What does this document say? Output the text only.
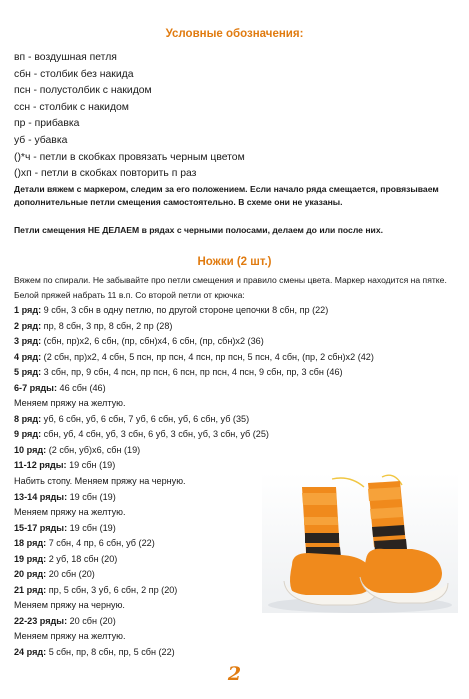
Условные обозначения:
вп - воздушная петля
сбн - столбик без накида
псн - полустолбик с накидом
ссн - столбик с накидом
пр - прибавка
уб - убавка
()*ч - петли в скобках провязать черным цветом
()хп - петли в скобках повторить п раз
Детали вяжем с маркером, следим за его положением. Если начало ряда смещается, провязываем дополнительные петли смещения самостоятельно. В схеме они не указаны.
Петли смещения НЕ ДЕЛАЕМ в рядах с черными полосами, делаем до или после них.
Ножки (2 шт.)

Вяжем по спирали. Не забывайте про петли смещения и правило смены цвета. Маркер находится на пятке.

Белой пряжей набрать 11 в.п. Со второй петли от крючка:
1 ряд: 9 сбн, 3 сбн в одну петлю, по другой стороне цепочки 8 сбн, пр (22)
2 ряд: пр, 8 сбн, 3 пр, 8 сбн, 2 пр (28)
3 ряд: (сбн, пр)х2, 6 сбн, (пр, сбн)х4, 6 сбн, (пр, сбн)х2 (36)
4 ряд: (2 сбн, пр)х2, 4 сбн, 5 псн, пр псн, 4 псн, пр псн, 5 псн, 4 сбн, (пр, 2 сбн)х2 (42)
5 ряд: 3 сбн, пр, 9 сбн, 4 псн, пр псн, 6 псн, пр псн, 4 псн, 9 сбн, пр, 3 сбн (46)
6-7 ряды: 46 сбн (46)
Меняем пряжу на желтую.
8 ряд: уб, 6 сбн, уб, 6 сбн, 7 уб, 6 сбн, уб, 6 сбн, уб (35)
9 ряд: сбн, уб, 4 сбн, уб, 3 сбн, 6 уб, 3 сбн, уб, 3 сбн, уб (25)
10 ряд: (2 сбн, уб)х6, сбн (19)
11-12 ряды: 19 сбн (19)
Набить стопу. Меняем пряжу на черную.
13-14 ряды: 19 сбн (19)
Меняем пряжу на желтую.
15-17 ряды: 19 сбн (19)
18 ряд: 7 сбн, 4 пр, 6 сбн, уб (22)
19 ряд: 2 уб, 18 сбн (20)
20 ряд: 20 сбн (20)
21 ряд: пр, 5 сбн, 3 уб, 6 сбн, 2 пр (20)
Меняем пряжу на черную.
22-23 ряды: 20 сбн (20)
Меняем пряжу на желтую.
24 ряд: 5 сбн, пр, 8 сбн, пр, 5 сбн (22)
2
